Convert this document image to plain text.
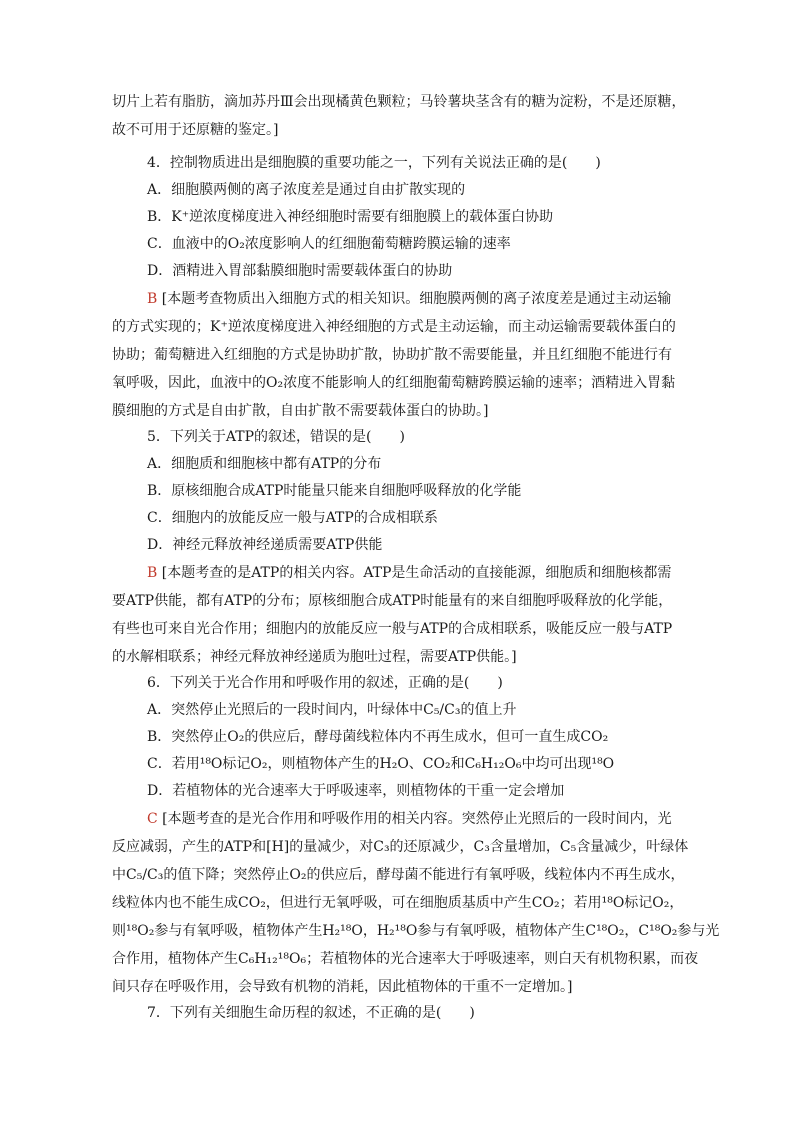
切片上若有脂肪，滴加苏丹Ⅲ会出现橘黄色颗粒；马铃薯块茎含有的糖为淀粉，不是还原糖，
故不可用于还原糖的鉴定。]
4．控制物质进出是细胞膜的重要功能之一，下列有关说法正确的是(　　)
A．细胞膜两侧的离子浓度差是通过自由扩散实现的
B．K⁺逆浓度梯度进入神经细胞时需要有细胞膜上的载体蛋白协助
C．血液中的O₂浓度影响人的红细胞葡萄糖跨膜运输的速率
D．酒精进入胃部黏膜细胞时需要载体蛋白的协助
B [本题考查物质出入细胞方式的相关知识。细胞膜两侧的离子浓度差是通过主动运输
的方式实现的；K⁺逆浓度梯度进入神经细胞的方式是主动运输，而主动运输需要载体蛋白的
协助；葡萄糖进入红细胞的方式是协助扩散，协助扩散不需要能量，并且红细胞不能进行有
氧呼吸，因此，血液中的O₂浓度不能影响人的红细胞葡萄糖跨膜运输的速率；酒精进入胃黏
膜细胞的方式是自由扩散，自由扩散不需要载体蛋白的协助。]
5．下列关于ATP的叙述，错误的是(　　)
A．细胞质和细胞核中都有ATP的分布
B．原核细胞合成ATP时能量只能来自细胞呼吸释放的化学能
C．细胞内的放能反应一般与ATP的合成相联系
D．神经元释放神经递质需要ATP供能
B [本题考查的是ATP的相关内容。ATP是生命活动的直接能源，细胞质和细胞核都需
要ATP供能，都有ATP的分布；原核细胞合成ATP时能量有的来自细胞呼吸释放的化学能，
有些也可来自光合作用；细胞内的放能反应一般与ATP的合成相联系，吸能反应一般与ATP
的水解相联系；神经元释放神经递质为胞吐过程，需要ATP供能。]
6．下列关于光合作用和呼吸作用的叙述，正确的是(　　)
A．突然停止光照后的一段时间内，叶绿体中C₅/C₃的值上升
B．突然停止O₂的供应后，酵母菌线粒体内不再生成水，但可一直生成CO₂
C．若用¹⁸O标记O₂，则植物体产生的H₂O、CO₂和C₆H₁₂O₆中均可出现¹⁸O
D．若植物体的光合速率大于呼吸速率，则植物体的干重一定会增加
C [本题考查的是光合作用和呼吸作用的相关内容。突然停止光照后的一段时间内，光
反应减弱，产生的ATP和[H]的量减少，对C₃的还原减少，C₃含量增加，C₅含量减少，叶绿体
中C₅/C₃的值下降；突然停止O₂的供应后，酵母菌不能进行有氧呼吸，线粒体内不再生成水，
线粒体内也不能生成CO₂，但进行无氧呼吸，可在细胞质基质中产生CO₂；若用¹⁸O标记O₂，
则¹⁸O₂参与有氧呼吸，植物体产生H₂¹⁸O，H₂¹⁸O参与有氧呼吸，植物体产生C¹⁸O₂，C¹⁸O₂参与光
合作用，植物体产生C₆H₁₂¹⁸O₆；若植物体的光合速率大于呼吸速率，则白天有机物积累，而夜
间只存在呼吸作用，会导致有机物的消耗，因此植物体的干重不一定增加。]
7．下列有关细胞生命历程的叙述，不正确的是(　　)
